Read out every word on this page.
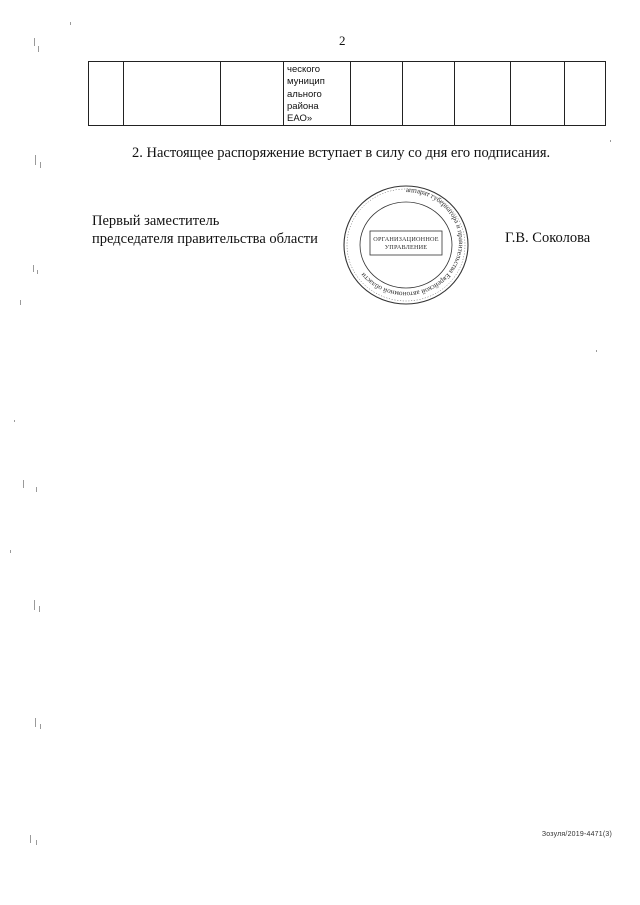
2

ческого
муницип
ального
района
ЕАО»

2. Настоящее распоряжение вступает в силу со дня его подписания.
Первый заместитель
председателя правительства области
аппарат губернатора и правительства Еврейской автономной области
ОРГАНИЗАЦИОННОЕ
УПРАВЛЕНИЕ
Г.В. Соколова
Зозуля/2019-4471(3)
